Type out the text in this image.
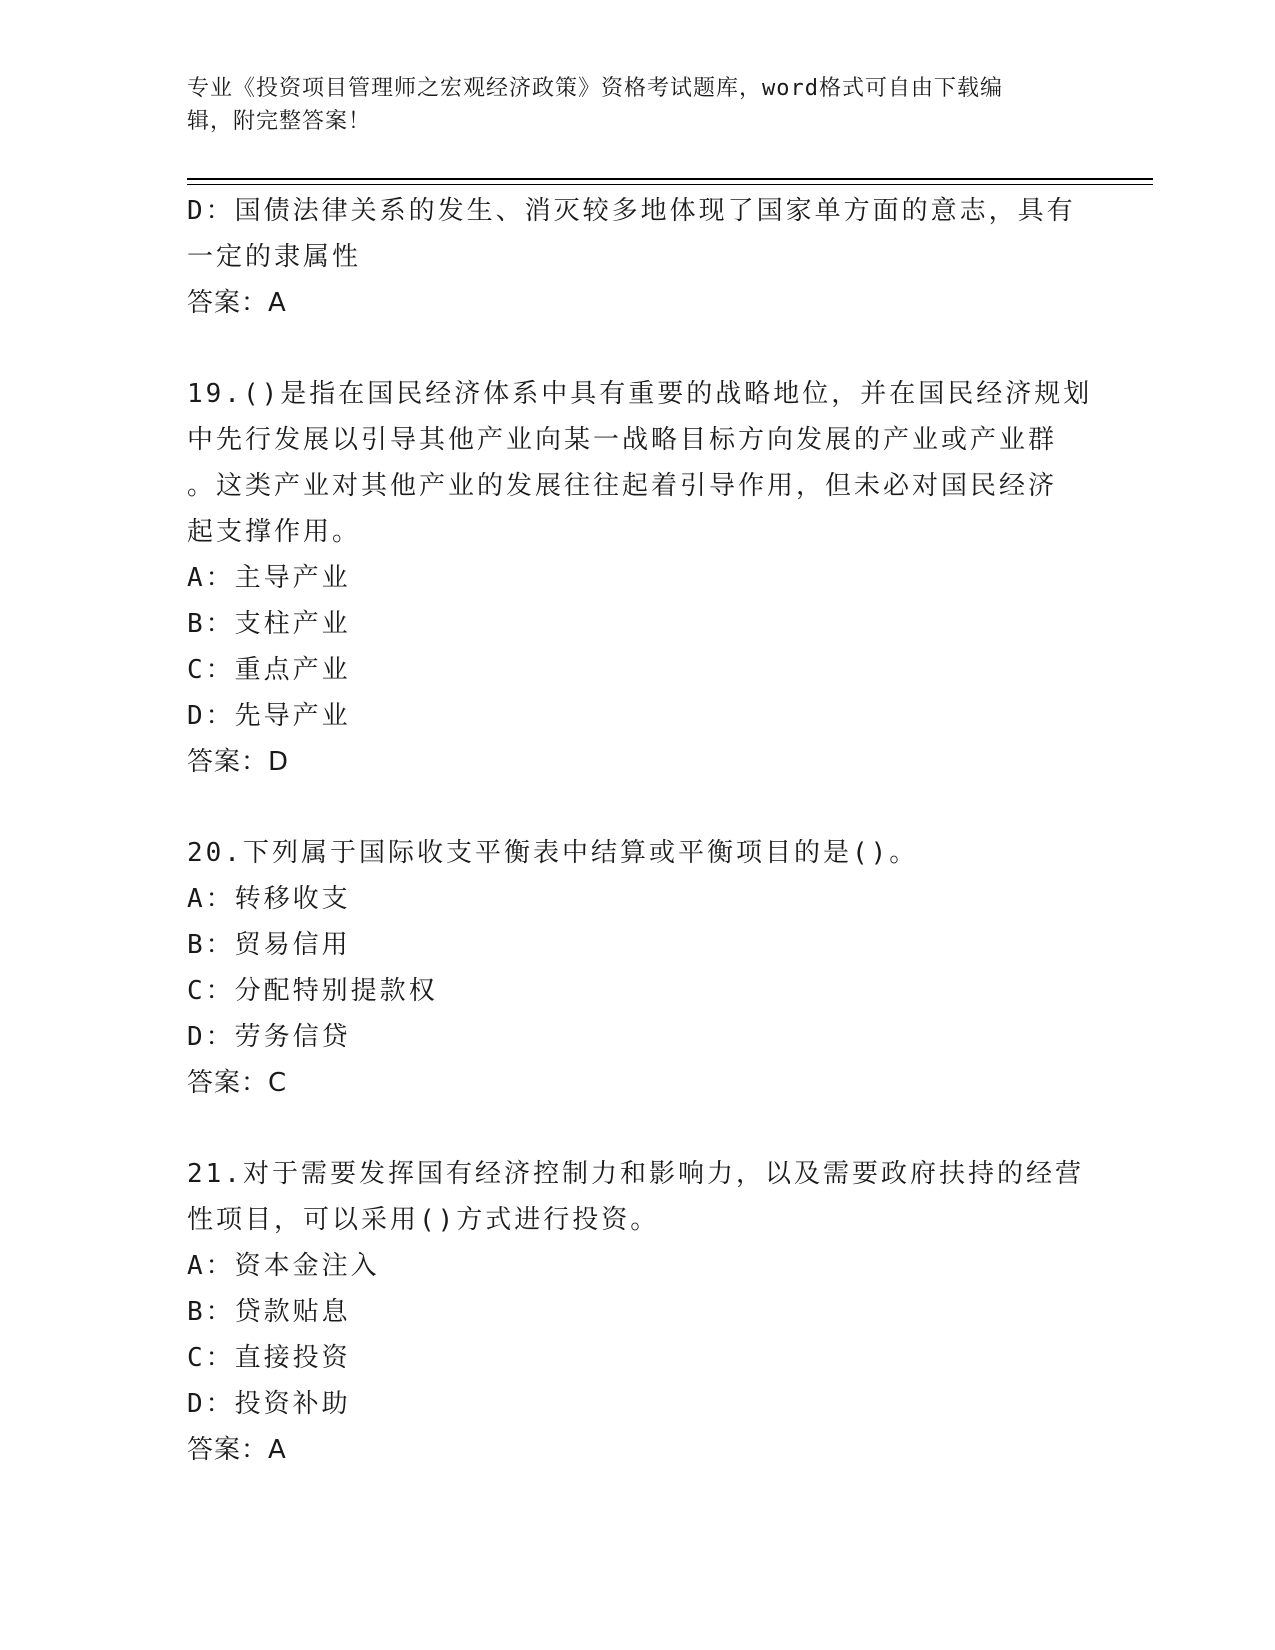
专业《投资项目管理师之宏观经济政策》资格考试题库，word格式可自由下载编
辑，附完整答案！
D：国债法律关系的发生、消灭较多地体现了国家单方面的意志，具有
一定的隶属性
答案：A
19.()是指在国民经济体系中具有重要的战略地位，并在国民经济规划
中先行发展以引导其他产业向某一战略目标方向发展的产业或产业群
。这类产业对其他产业的发展往往起着引导作用，但未必对国民经济
起支撑作用。
A：主导产业
B：支柱产业
C：重点产业
D：先导产业
答案：D
20.下列属于国际收支平衡表中结算或平衡项目的是()。
A：转移收支
B：贸易信用
C：分配特别提款权
D：劳务信贷
答案：C
21.对于需要发挥国有经济控制力和影响力，以及需要政府扶持的经营
性项目，可以采用()方式进行投资。
A：资本金注入
B：贷款贴息
C：直接投资
D：投资补助
答案：A
